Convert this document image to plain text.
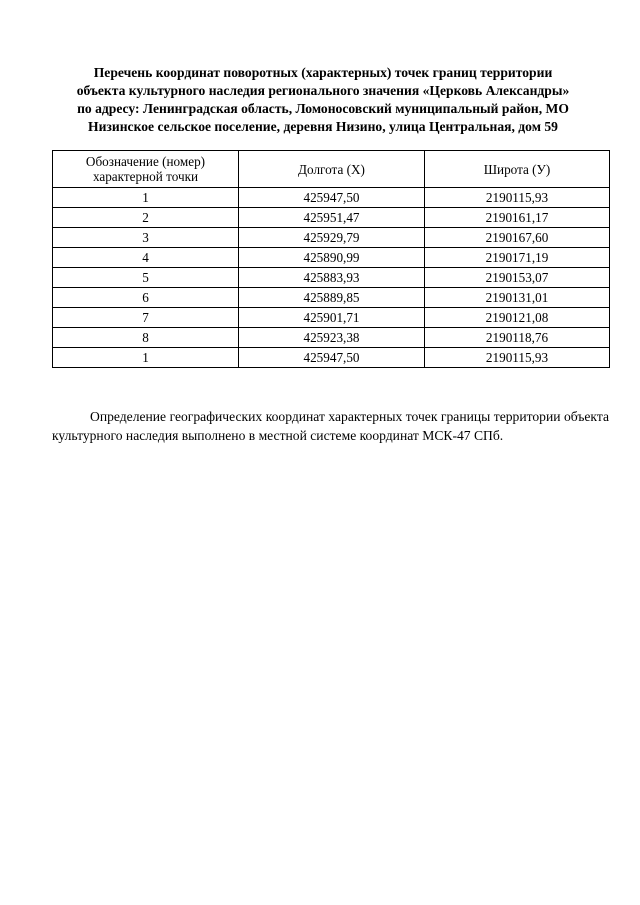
Перечень координат поворотных (характерных) точек границ территории
объекта культурного наследия регионального значения «Церковь Александры»
по адресу: Ленинградская область, Ломоносовский муниципальный район, МО
Низинское сельское поселение, деревня Низино, улица Центральная, дом 59
Обозначение (номер) характерной точки	Долгота (X)	Широта (У)
1	425947,50	2190115,93
2	425951,47	2190161,17
3	425929,79	2190167,60
4	425890,99	2190171,19
5	425883,93	2190153,07
6	425889,85	2190131,01
7	425901,71	2190121,08
8	425923,38	2190118,76
1	425947,50	2190115,93

Определение географических координат характерных точек границы территории объекта культурного наследия выполнено в местной системе координат МСК-47 СПб.
